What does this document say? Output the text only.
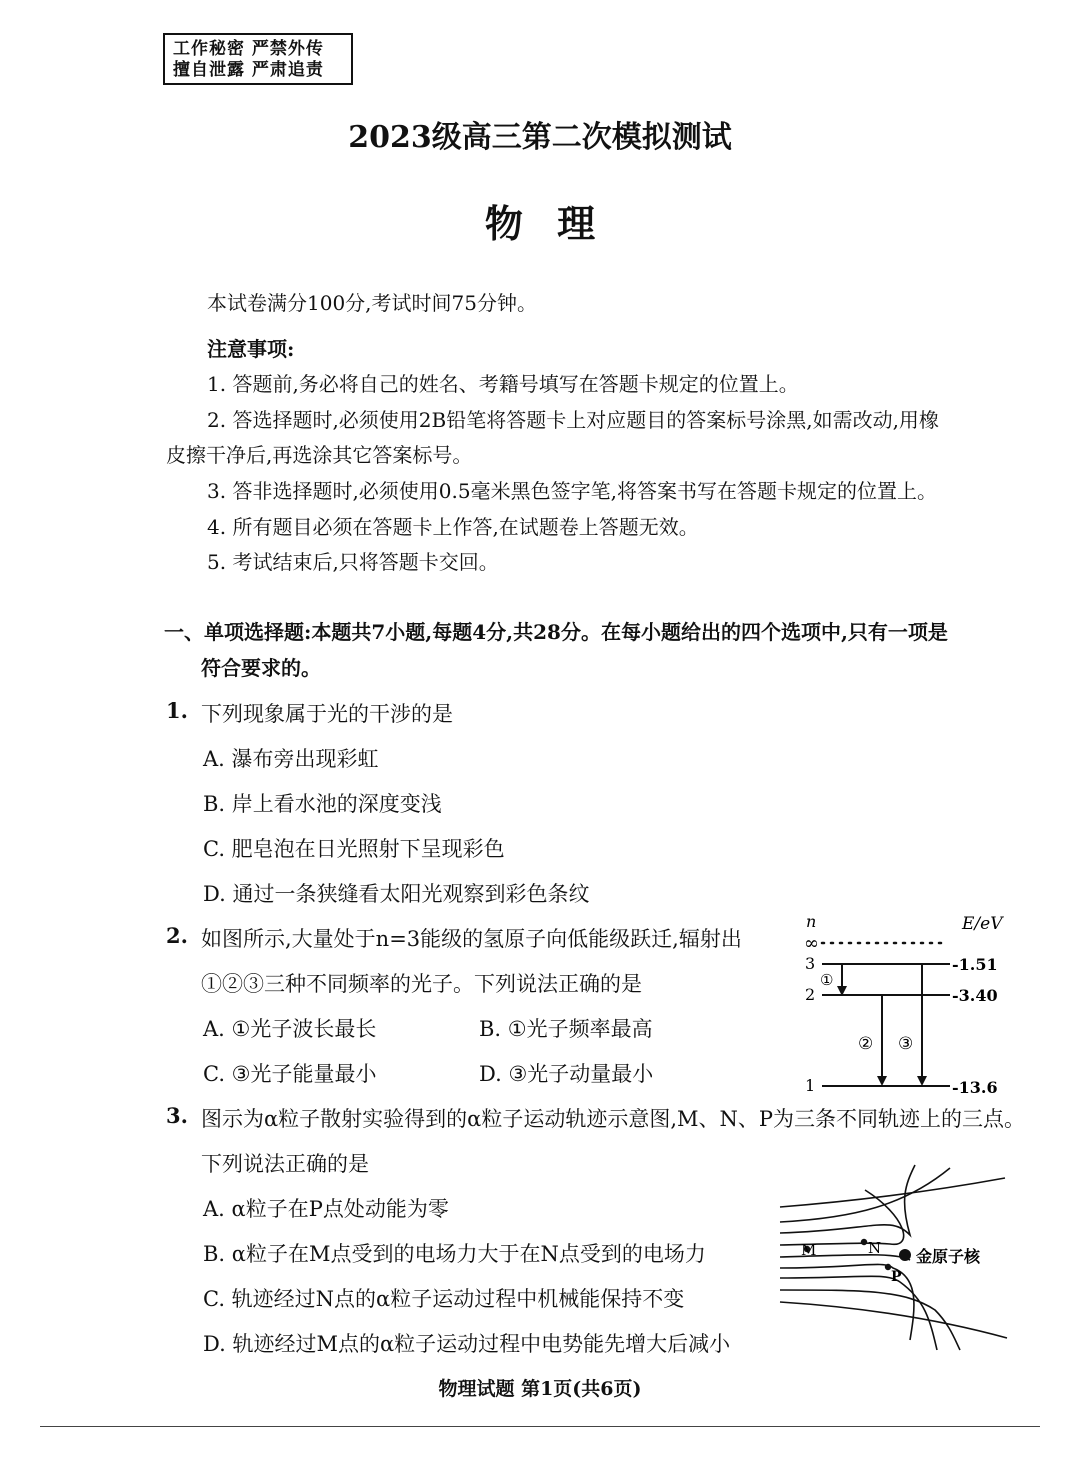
工作秘密 严禁外传
擅自泄露 严肃追责
2023级高三第二次模拟测试
物理
本试卷满分100分,考试时间75分钟。
注意事项:
1. 答题前,务必将自己的姓名、考籍号填写在答题卡规定的位置上。
2. 答选择题时,必须使用2B铅笔将答题卡上对应题目的答案标号涂黑,如需改动,用橡
皮擦干净后,再选涂其它答案标号。
3. 答非选择题时,必须使用0.5毫米黑色签字笔,将答案书写在答题卡规定的位置上。
4. 所有题目必须在答题卡上作答,在试题卷上答题无效。
5. 考试结束后,只将答题卡交回。
一、单项选择题:本题共7小题,每题4分,共28分。在每小题给出的四个选项中,只有一项是
符合要求的。
1. 下列现象属于光的干涉的是
A. 瀑布旁出现彩虹
B. 岸上看水池的深度变浅
C. 肥皂泡在日光照射下呈现彩色
D. 通过一条狭缝看太阳光观察到彩色条纹
2. 如图所示,大量处于n=3能级的氢原子向低能级跃迁,辐射出
①②③三种不同频率的光子。下列说法正确的是
A. ①光子波长最长	B. ①光子频率最高
C. ③光子能量最小	D. ③光子动量最小
n	E/eV
∞
3	-1.51
2	-3.40
1	-13.6
①
② ③
3. 图示为α粒子散射实验得到的α粒子运动轨迹示意图,M、N、P为三条不同轨迹上的三点。
下列说法正确的是
A. α粒子在P点处动能为零
B. α粒子在M点受到的电场力大于在N点受到的电场力
C. 轨迹经过N点的α粒子运动过程中机械能保持不变
D. 轨迹经过M点的α粒子运动过程中电势能先增大后减小
M	N
P
金原子核
物理试题 第1页(共6页)
